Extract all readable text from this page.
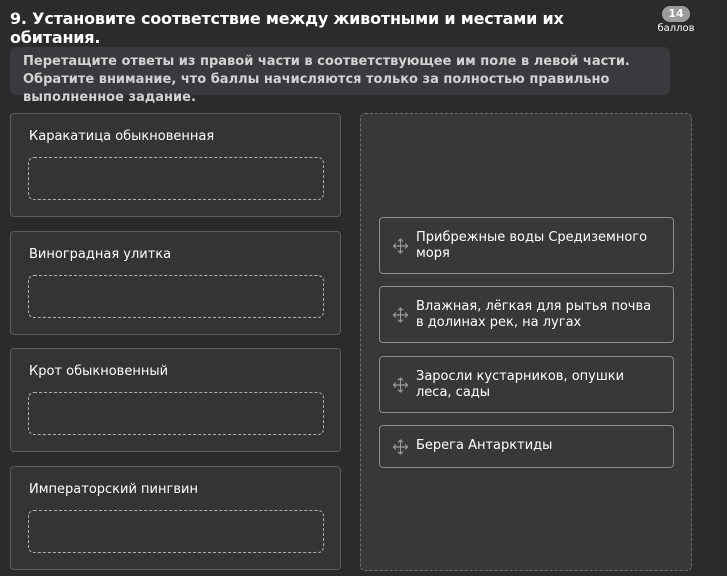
9. Установите соответствие между животными и местами их обитания.
14
баллов
Перетащите ответы из правой части в соответствующее им поле в левой части. Обратите внимание, что баллы начисляются только за полностью правильно выполненное задание.
Каракатица обыкновенная
Виноградная улитка
Крот обыкновенный
Императорский пингвин
Прибрежные воды Средиземного моря
Влажная, лёгкая для рытья почва в долинах рек, на лугах
Заросли кустарников, опушки леса, сады
Берега Антарктиды
